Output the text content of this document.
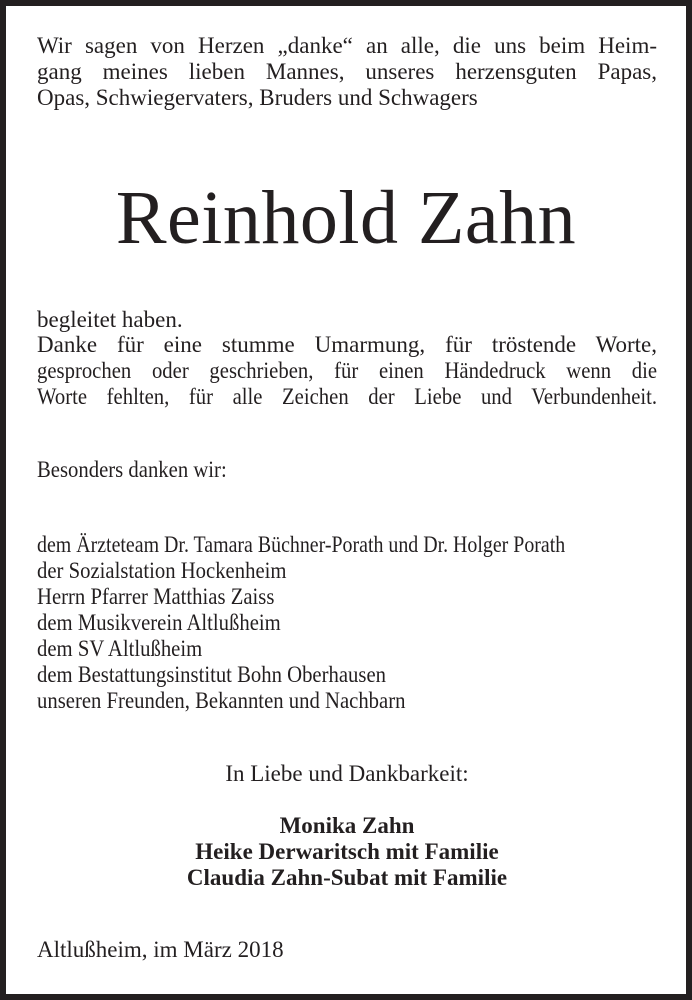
Wir sagen von Herzen „danke“ an alle, die uns beim Heim-
gang meines lieben Mannes, unseres herzensguten Papas,
Opas, Schwiegervaters, Bruders und Schwagers
Reinhold Zahn
begleitet haben.
Danke für eine stumme Umarmung, für tröstende Worte,
gesprochen oder geschrieben, für einen Händedruck wenn die
Worte fehlten, für alle Zeichen der Liebe und Verbundenheit.
Besonders danken wir:
dem Ärzteteam Dr. Tamara Büchner-Porath und Dr. Holger Porath
der Sozialstation Hockenheim
Herrn Pfarrer Matthias Zaiss
dem Musikverein Altlußheim
dem SV Altlußheim
dem Bestattungsinstitut Bohn Oberhausen
unseren Freunden, Bekannten und Nachbarn
In Liebe und Dankbarkeit:
Monika Zahn
Heike Derwaritsch mit Familie
Claudia Zahn-Subat mit Familie
Altlußheim, im März 2018
